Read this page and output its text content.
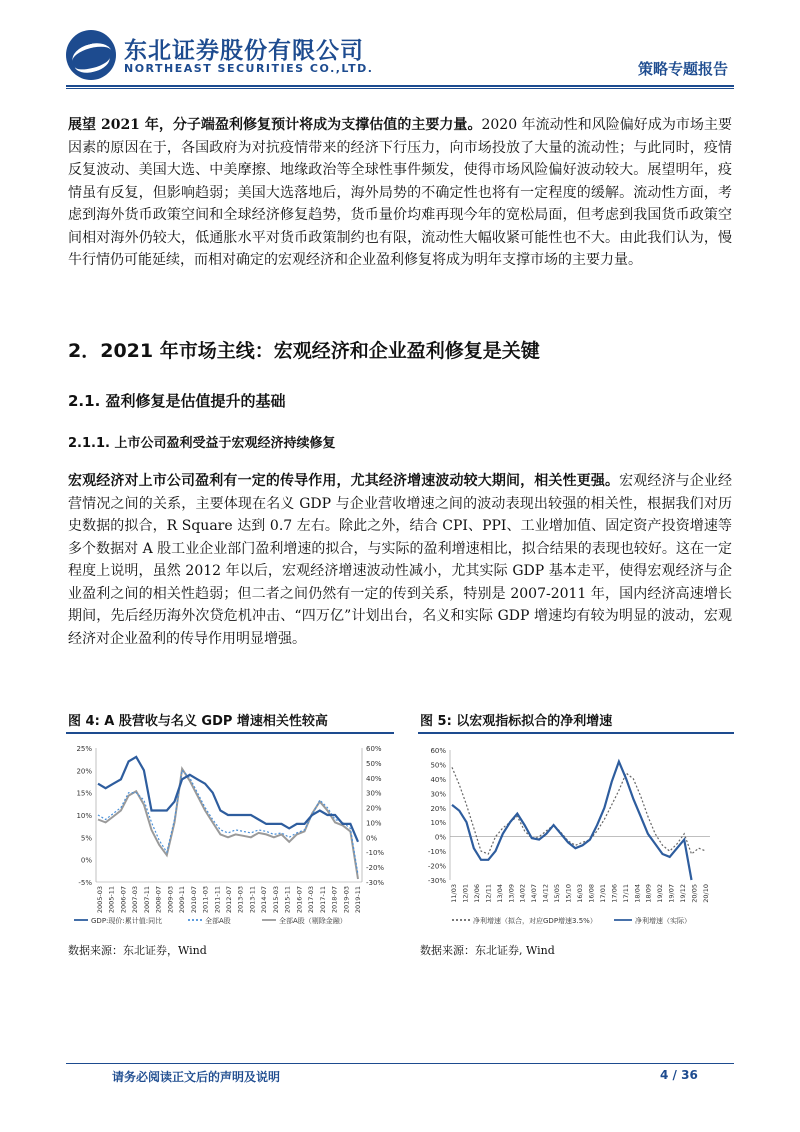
东北证券股份有限公司
NORTHEAST SECURITIES CO.,LTD.	策略专题报告
展望 2021 年，分子端盈利修复预计将成为支撑估值的主要力量。2020 年流动性和风险偏好成为市场主要因素的原因在于，各国政府为对抗疫情带来的经济下行压力，向市场投放了大量的流动性；与此同时，疫情反复波动、美国大选、中美摩擦、地缘政治等全球性事件频发，使得市场风险偏好波动较大。展望明年，疫情虽有反复，但影响趋弱；美国大选落地后，海外局势的不确定性也将有一定程度的缓解。流动性方面，考虑到海外货币政策空间和全球经济修复趋势，货币量价均难再现今年的宽松局面，但考虑到我国货币政策空间相对海外仍较大，低通胀水平对货币政策制约也有限，流动性大幅收紧可能性也不大。由此我们认为，慢牛行情仍可能延续，而相对确定的宏观经济和企业盈利修复将成为明年支撑市场的主要力量。
2．2021 年市场主线：宏观经济和企业盈利修复是关键
2.1. 盈利修复是估值提升的基础
2.1.1. 上市公司盈利受益于宏观经济持续修复
宏观经济对上市公司盈利有一定的传导作用，尤其经济增速波动较大期间，相关性更强。宏观经济与企业经营情况之间的关系，主要体现在名义 GDP 与企业营收增速之间的波动表现出较强的相关性，根据我们对历史数据的拟合，R Square 达到 0.7 左右。除此之外，结合 CPI、PPI、工业增加值、固定资产投资增速等多个数据对 A 股工业企业部门盈利增速的拟合，与实际的盈利增速相比，拟合结果的表现也较好。这在一定程度上说明，虽然 2012 年以后，宏观经济增速波动性减小，尤其实际 GDP 基本走平，使得宏观经济与企业盈利之间的相关性趋弱；但二者之间仍然有一定的传到关系，特别是 2007-2011 年，国内经济高速增长期间，先后经历海外次贷危机冲击、“四万亿”计划出台，名义和实际 GDP 增速均有较为明显的波动，宏观经济对企业盈利的传导作用明显增强。
图 4: A 股营收与名义 GDP 增速相关性较高
25%
20%
15%
10%
5%
0%
-5%
60%
50%
40%
30%
20%
10%
0%
-10%
-20%
-30%
2005-03 2005-11 2006-07 2007-03 2007-11 2008-07 2009-03 2009-11 2010-07 2011-03 2011-11 2012-07 2013-03 2013-11 2014-07 2015-03 2015-11 2016-07 2017-03 2017-11 2018-07 2019-03 2019-11
GDP:现价:累计值:同比	全部A股	全部A股（剔除金融）
数据来源：东北证券，Wind
图 5: 以宏观指标拟合的净利增速
60%
50%
40%
30%
20%
10%
0%
-10%
-20%
-30%
11/03 12/01 12/06 12/11 13/04 13/09 14/02 14/07 14/12 15/05 15/10 16/03 16/08 17/01 17/06 17/11 18/04 18/09 19/02 19/07 19/12 20/05 20/10
净利增速（拟合，对应GDP增速3.5%）	净利增速（实际）
数据来源：东北证券, Wind
请务必阅读正文后的声明及说明	4 / 36
